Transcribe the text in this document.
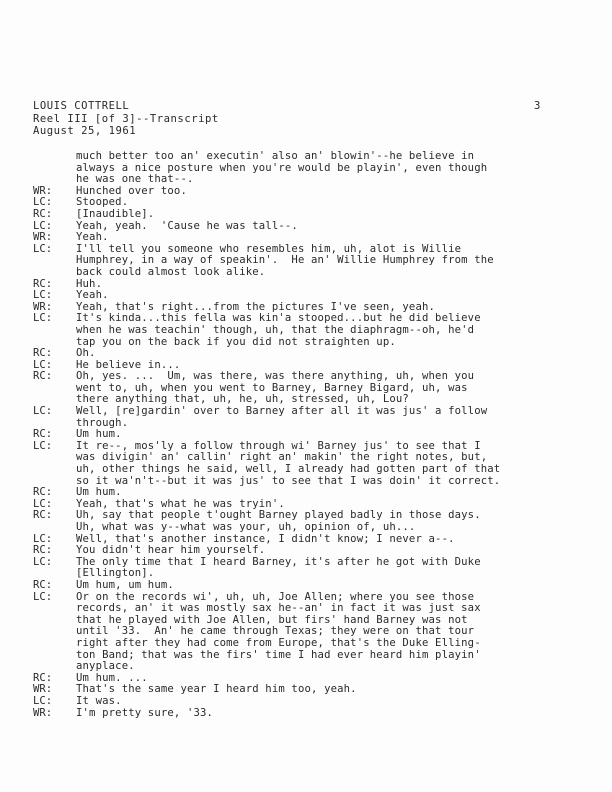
LOUIS COTTRELL
Reel III [of 3]--Transcript
August 25, 1961
3
much better too an' executin' also an' blowin'--he believe in
always a nice posture when you're would be playin', even though
he was one that--.
WR:	Hunched over too.
LC:	Stooped.
RC:	[Inaudible].
LC:	Yeah, yeah.  'Cause he was tall--.
WR:	Yeah.
LC:	I'll tell you someone who resembles him, uh, alot is Willie
Humphrey, in a way of speakin'.  He an' Willie Humphrey from the
back could almost look alike.
RC:	Huh.
LC:	Yeah.
WR:	Yeah, that's right...from the pictures I've seen, yeah.
LC:	It's kinda...this fella was kin'a stooped...but he did believe
when he was teachin' though, uh, that the diaphragm--oh, he'd
tap you on the back if you did not straighten up.
RC:	Oh.
LC:	He believe in...
RC:	Oh, yes. ...  Um, was there, was there anything, uh, when you
went to, uh, when you went to Barney, Barney Bigard, uh, was
there anything that, uh, he, uh, stressed, uh, Lou?
LC:	Well, [re]gardin' over to Barney after all it was jus' a follow
through.
RC:	Um hum.
LC:	It re--, mos'ly a follow through wi' Barney jus' to see that I
was divigin' an' callin' right an' makin' the right notes, but,
uh, other things he said, well, I already had gotten part of that
so it wa'n't--but it was jus' to see that I was doin' it correct.
RC:	Um hum.
LC:	Yeah, that's what he was tryin'.
RC:	Uh, say that people t'ought Barney played badly in those days.
Uh, what was y--what was your, uh, opinion of, uh...
LC:	Well, that's another instance, I didn't know; I never a--.
RC:	You didn't hear him yourself.
LC:	The only time that I heard Barney, it's after he got with Duke
[Ellington].
RC:	Um hum, um hum.
LC:	Or on the records wi', uh, uh, Joe Allen; where you see those
records, an' it was mostly sax he--an' in fact it was just sax
that he played with Joe Allen, but firs' hand Barney was not
until '33.  An' he came through Texas; they were on that tour
right after they had come from Europe, that's the Duke Elling-
ton Band; that was the firs' time I had ever heard him playin'
anyplace.
RC:	Um hum. ...
WR:	That's the same year I heard him too, yeah.
LC:	It was.
WR:	I'm pretty sure, '33.
